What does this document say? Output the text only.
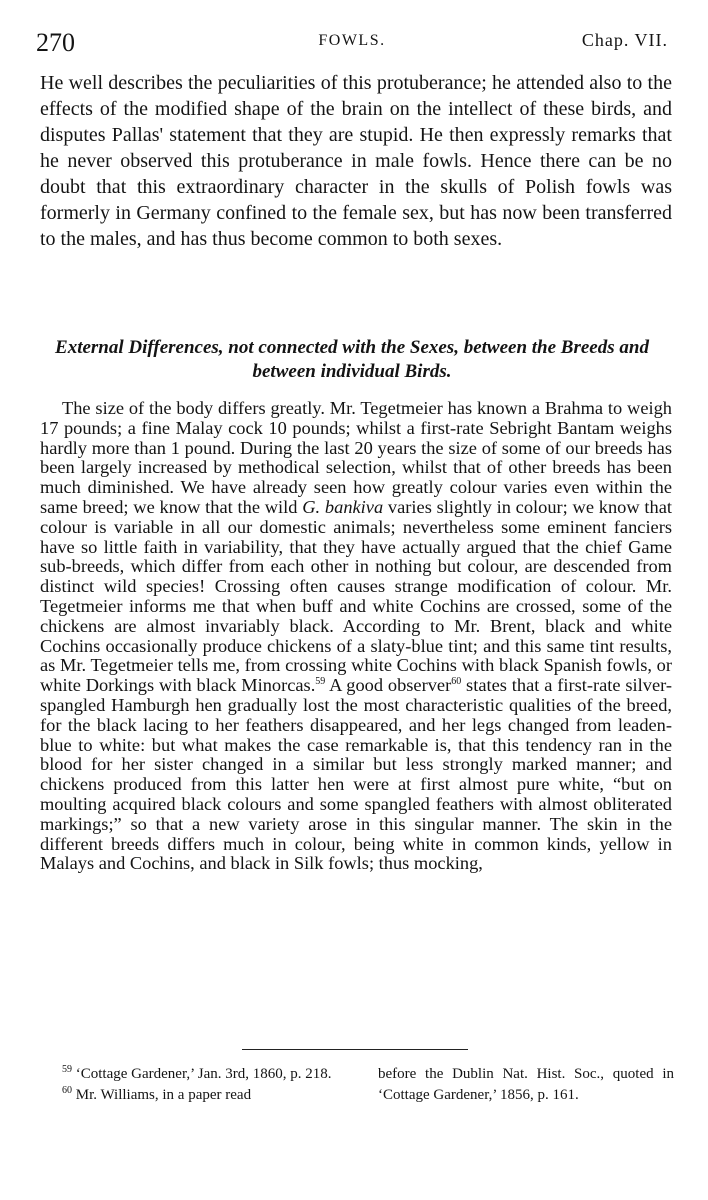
270	FOWLS.	Chap. VII.

He well describes the peculiarities of this protuberance; he attended also to the effects of the modified shape of the brain on the intellect of these birds, and disputes Pallas' statement that they are stupid. He then expressly remarks that he never observed this protuberance in male fowls. Hence there can be no doubt that this extraordinary character in the skulls of Polish fowls was formerly in Germany confined to the female sex, but has now been transferred to the males, and has thus become common to both sexes.

External Differences, not connected with the Sexes, between the Breeds and between individual Birds.

The size of the body differs greatly. Mr. Tegetmeier has known a Brahma to weigh 17 pounds; a fine Malay cock 10 pounds; whilst a first-rate Sebright Bantam weighs hardly more than 1 pound. During the last 20 years the size of some of our breeds has been largely increased by methodical selection, whilst that of other breeds has been much diminished. We have already seen how greatly colour varies even within the same breed; we know that the wild G. bankiva varies slightly in colour; we know that colour is variable in all our domestic animals; nevertheless some eminent fanciers have so little faith in variability, that they have actually argued that the chief Game sub-breeds, which differ from each other in nothing but colour, are descended from distinct wild species! Crossing often causes strange modification of colour. Mr. Tegetmeier informs me that when buff and white Cochins are crossed, some of the chickens are almost invariably black. According to Mr. Brent, black and white Cochins occasionally produce chickens of a slaty-blue tint; and this same tint results, as Mr. Tegetmeier tells me, from crossing white Cochins with black Spanish fowls, or white Dorkings with black Minorcas.$^{59}$ A good observer$^{60}$ states that a first-rate silver-spangled Hamburgh hen gradually lost the most characteristic qualities of the breed, for the black lacing to her feathers disappeared, and her legs changed from leaden-blue to white: but what makes the case remarkable is, that this tendency ran in the blood for her sister changed in a similar but less strongly marked manner; and chickens produced from this latter hen were at first almost pure white, “but on moulting acquired black colours and some spangled feathers with almost obliterated markings;” so that a new variety arose in this singular manner. The skin in the different breeds differs much in colour, being white in common kinds, yellow in Malays and Cochins, and black in Silk fowls; thus mocking,

$^{59}$ ‘Cottage Gardener,’ Jan. 3rd, 1860, p. 218.
$^{60}$ Mr. Williams, in a paper read
before the Dublin Nat. Hist. Soc., quoted in ‘Cottage Gardener,’ 1856, p. 161.
